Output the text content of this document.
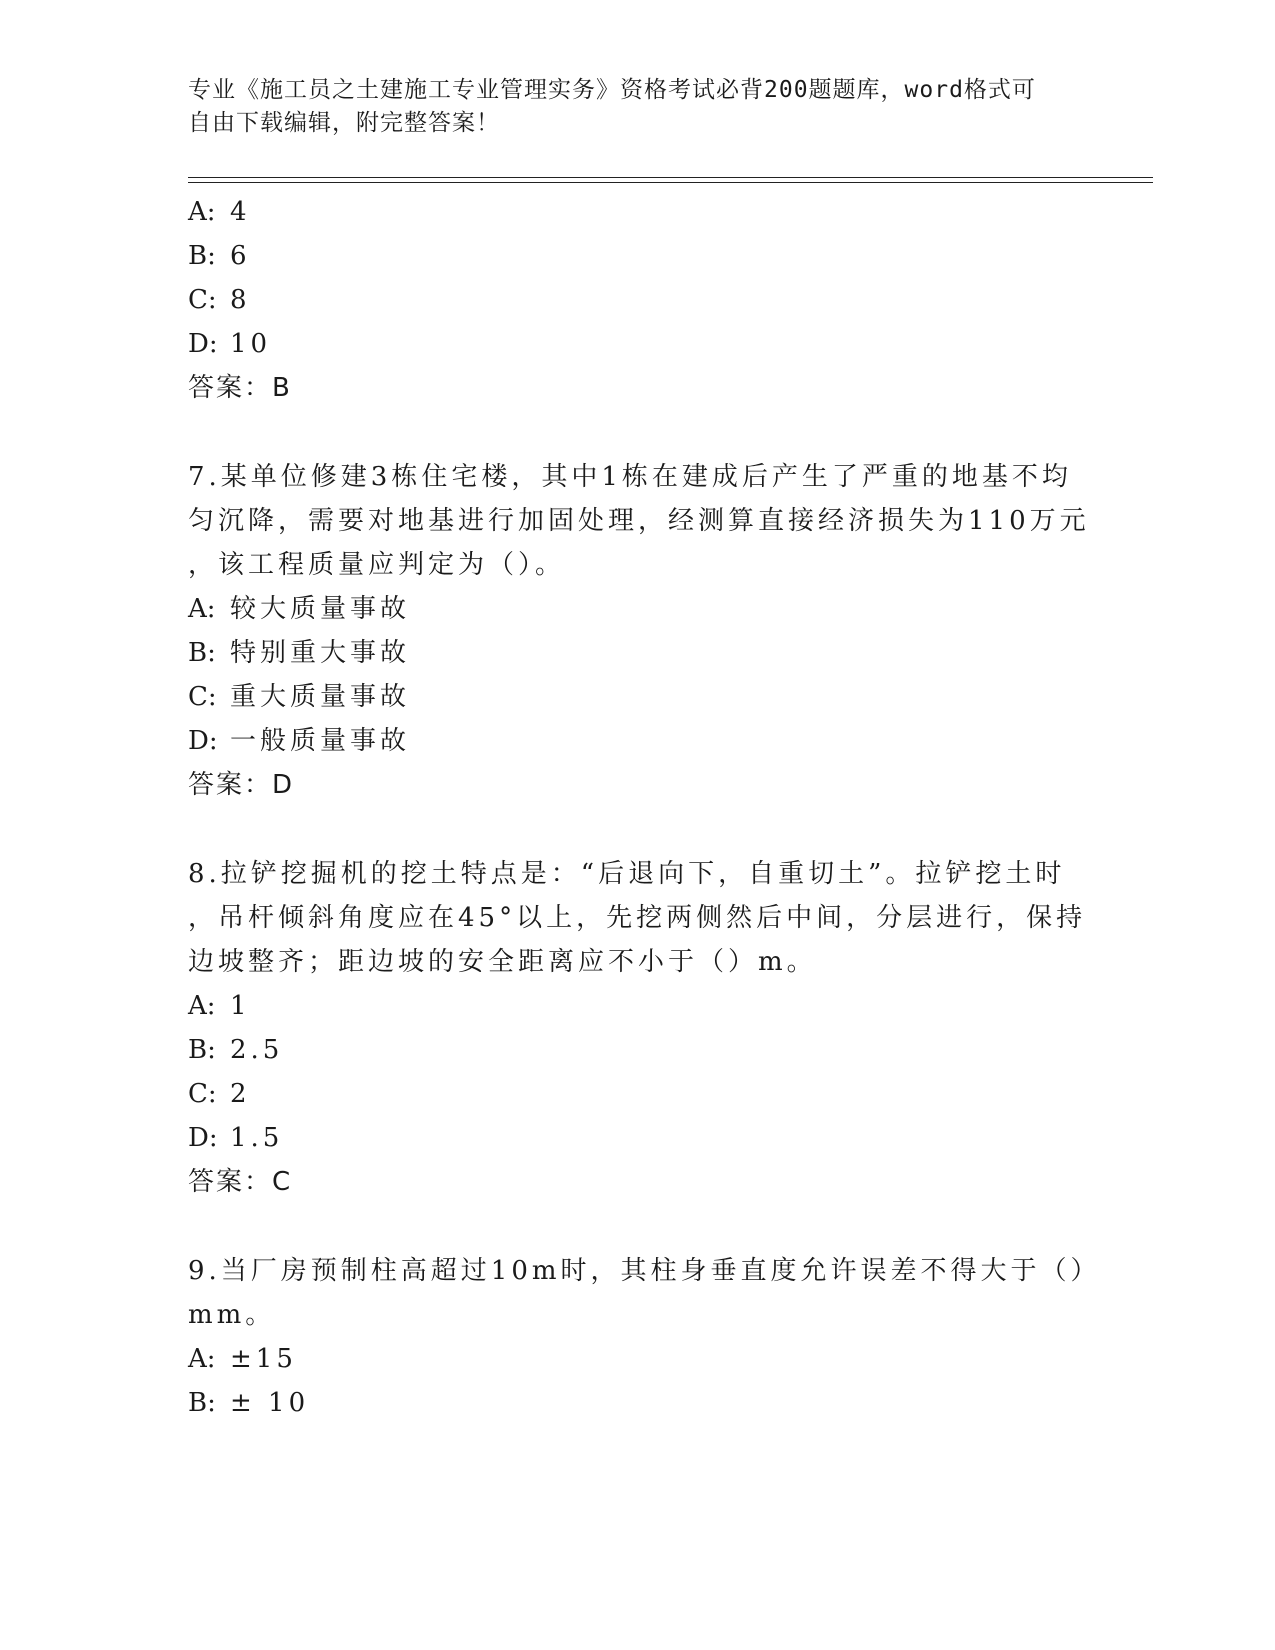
专业《施工员之土建施工专业管理实务》资格考试必背200题题库，word格式可
自由下载编辑，附完整答案！
A: 4
B: 6
C: 8
D: 10
答案：B
7.某单位修建3栋住宅楼，其中1栋在建成后产生了严重的地基不均
匀沉降，需要对地基进行加固处理，经测算直接经济损失为110万元
，该工程质量应判定为（）。
A: 较大质量事故
B: 特别重大事故
C: 重大质量事故
D: 一般质量事故
答案：D
8.拉铲挖掘机的挖土特点是：“后退向下，自重切土”。拉铲挖土时
，吊杆倾斜角度应在45°以上，先挖两侧然后中间，分层进行，保持
边坡整齐；距边坡的安全距离应不小于（）m。
A: 1
B: 2.5
C: 2
D: 1.5
答案：C
9.当厂房预制柱高超过10m时，其柱身垂直度允许误差不得大于（）
mm。
A: ±15
B: ± 10
